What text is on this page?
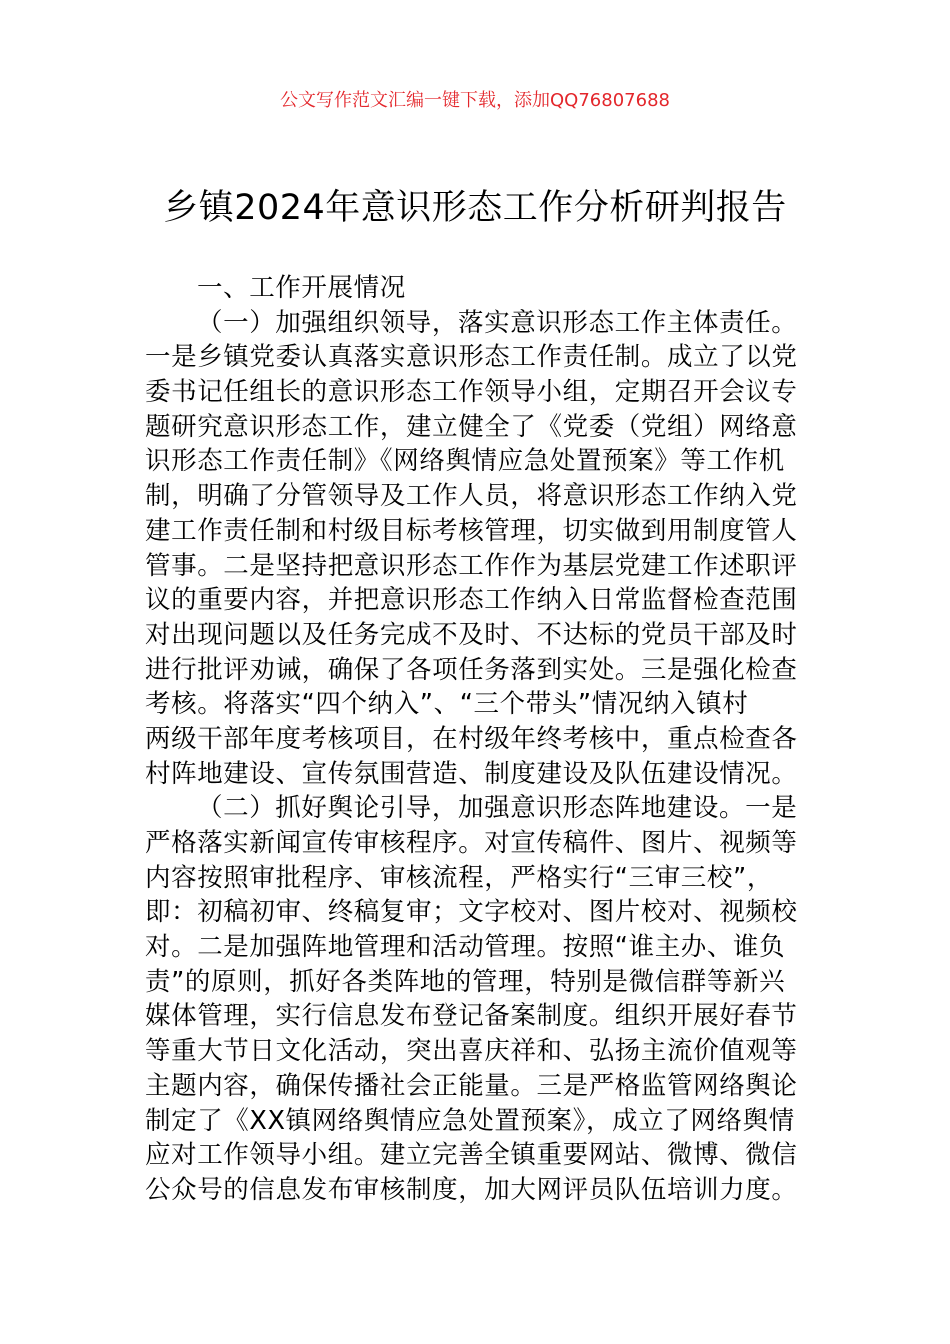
公文写作范文汇编一键下载，添加QQ76807688
乡镇2024年意识形态工作分析研判报告
一、工作开展情况
（一）加强组织领导，落实意识形态工作主体责任。
一是乡镇党委认真落实意识形态工作责任制。成立了以党
委书记任组长的意识形态工作领导小组，定期召开会议专
题研究意识形态工作，建立健全了《党委（党组）网络意
识形态工作责任制》《网络舆情应急处置预案》等工作机
制，明确了分管领导及工作人员，将意识形态工作纳入党
建工作责任制和村级目标考核管理，切实做到用制度管人
管事。二是坚持把意识形态工作作为基层党建工作述职评
议的重要内容，并把意识形态工作纳入日常监督检查范围
对出现问题以及任务完成不及时、不达标的党员干部及时
进行批评劝诫，确保了各项任务落到实处。三是强化检查
考核。将落实“四个纳入”、“三个带头”情况纳入镇村
两级干部年度考核项目，在村级年终考核中，重点检查各
村阵地建设、宣传氛围营造、制度建设及队伍建设情况。
（二）抓好舆论引导，加强意识形态阵地建设。一是
严格落实新闻宣传审核程序。对宣传稿件、图片、视频等
内容按照审批程序、审核流程，严格实行“三审三校”，
即：初稿初审、终稿复审；文字校对、图片校对、视频校
对。二是加强阵地管理和活动管理。按照“谁主办、谁负
责”的原则，抓好各类阵地的管理，特别是微信群等新兴
媒体管理，实行信息发布登记备案制度。组织开展好春节
等重大节日文化活动，突出喜庆祥和、弘扬主流价值观等
主题内容，确保传播社会正能量。三是严格监管网络舆论
制定了《XX镇网络舆情应急处置预案》，成立了网络舆情
应对工作领导小组。建立完善全镇重要网站、微博、微信
公众号的信息发布审核制度，加大网评员队伍培训力度。
